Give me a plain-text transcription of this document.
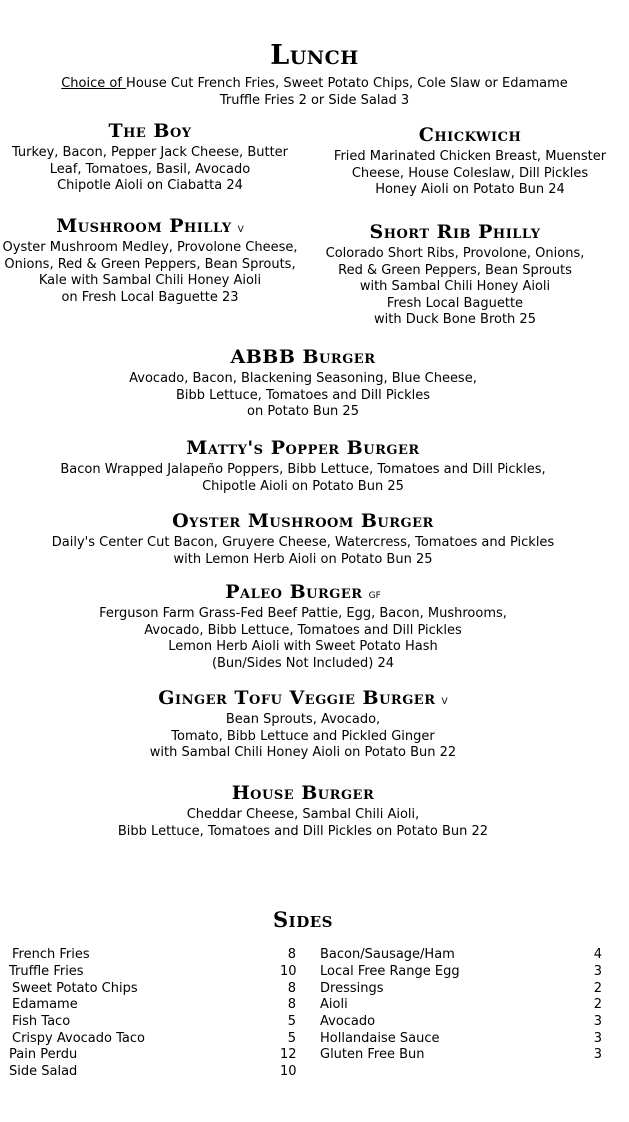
Lunch
Choice of House Cut French Fries, Sweet Potato Chips, Cole Slaw or Edamame
Truffle Fries 2 or Side Salad 3
The Boy
Turkey, Bacon, Pepper Jack Cheese, Butter
Leaf, Tomatoes, Basil, Avocado
Chipotle Aioli on Ciabatta 24
Chickwich
Fried Marinated Chicken Breast, Muenster
Cheese, House Coleslaw, Dill Pickles
Honey Aioli on Potato Bun 24
Mushroom Philly V
Oyster Mushroom Medley, Provolone Cheese,
Onions, Red & Green Peppers, Bean Sprouts,
Kale with Sambal Chili Honey Aioli
on Fresh Local Baguette 23
Short Rib Philly
Colorado Short Ribs, Provolone, Onions,
Red & Green Peppers, Bean Sprouts
with Sambal Chili Honey Aioli
Fresh Local Baguette
with Duck Bone Broth 25
ABBB Burger
Avocado, Bacon, Blackening Seasoning, Blue Cheese,
Bibb Lettuce, Tomatoes and Dill Pickles
on Potato Bun 25
Matty's Popper Burger
Bacon Wrapped Jalapeño Poppers, Bibb Lettuce, Tomatoes and Dill Pickles,
Chipotle Aioli on Potato Bun 25
Oyster Mushroom Burger
Daily's Center Cut Bacon, Gruyere Cheese, Watercress, Tomatoes and Pickles
with Lemon Herb Aioli on Potato Bun 25
Paleo Burger GF
Ferguson Farm Grass-Fed Beef Pattie, Egg, Bacon, Mushrooms,
Avocado, Bibb Lettuce, Tomatoes and Dill Pickles
Lemon Herb Aioli with Sweet Potato Hash
(Bun/Sides Not Included) 24
Ginger Tofu Veggie Burger V
Bean Sprouts, Avocado,
Tomato, Bibb Lettuce and Pickled Ginger
with Sambal Chili Honey Aioli on Potato Bun 22
House Burger
Cheddar Cheese, Sambal Chili Aioli,
Bibb Lettuce, Tomatoes and Dill Pickles on Potato Bun 22
Sides
French Fries	8
Truffle Fries	10
Sweet Potato Chips	8
Edamame	8
Fish Taco	5
Crispy Avocado Taco	5
Pain Perdu	12
Side Salad	10
Bacon/Sausage/Ham	4
Local Free Range Egg	3
Dressings	2
Aioli	2
Avocado	3
Hollandaise Sauce	3
Gluten Free Bun	3
